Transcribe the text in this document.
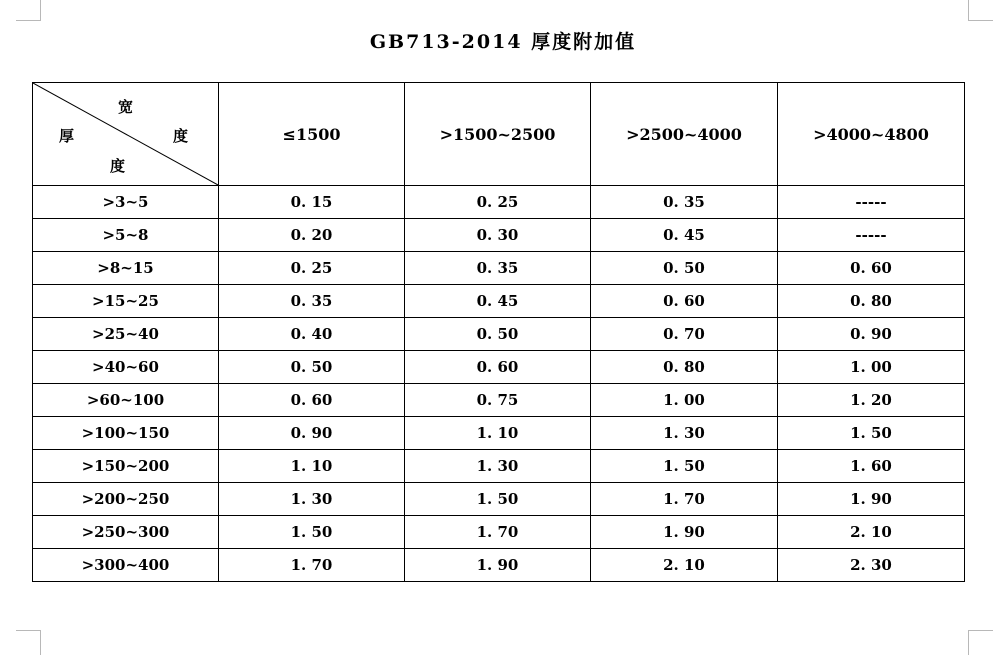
GB713-2014 厚度附加值
宽
厚 度
度	≤1500	>1500~2500	>2500~4000	>4000~4800
>3~5	0. 15	0. 25	0. 35	-----
>5~8	0. 20	0. 30	0. 45	-----
>8~15	0. 25	0. 35	0. 50	0. 60
>15~25	0. 35	0. 45	0. 60	0. 80
>25~40	0. 40	0. 50	0. 70	0. 90
>40~60	0. 50	0. 60	0. 80	1. 00
>60~100	0. 60	0. 75	1. 00	1. 20
>100~150	0. 90	1. 10	1. 30	1. 50
>150~200	1. 10	1. 30	1. 50	1. 60
>200~250	1. 30	1. 50	1. 70	1. 90
>250~300	1. 50	1. 70	1. 90	2. 10
>300~400	1. 70	1. 90	2. 10	2. 30
